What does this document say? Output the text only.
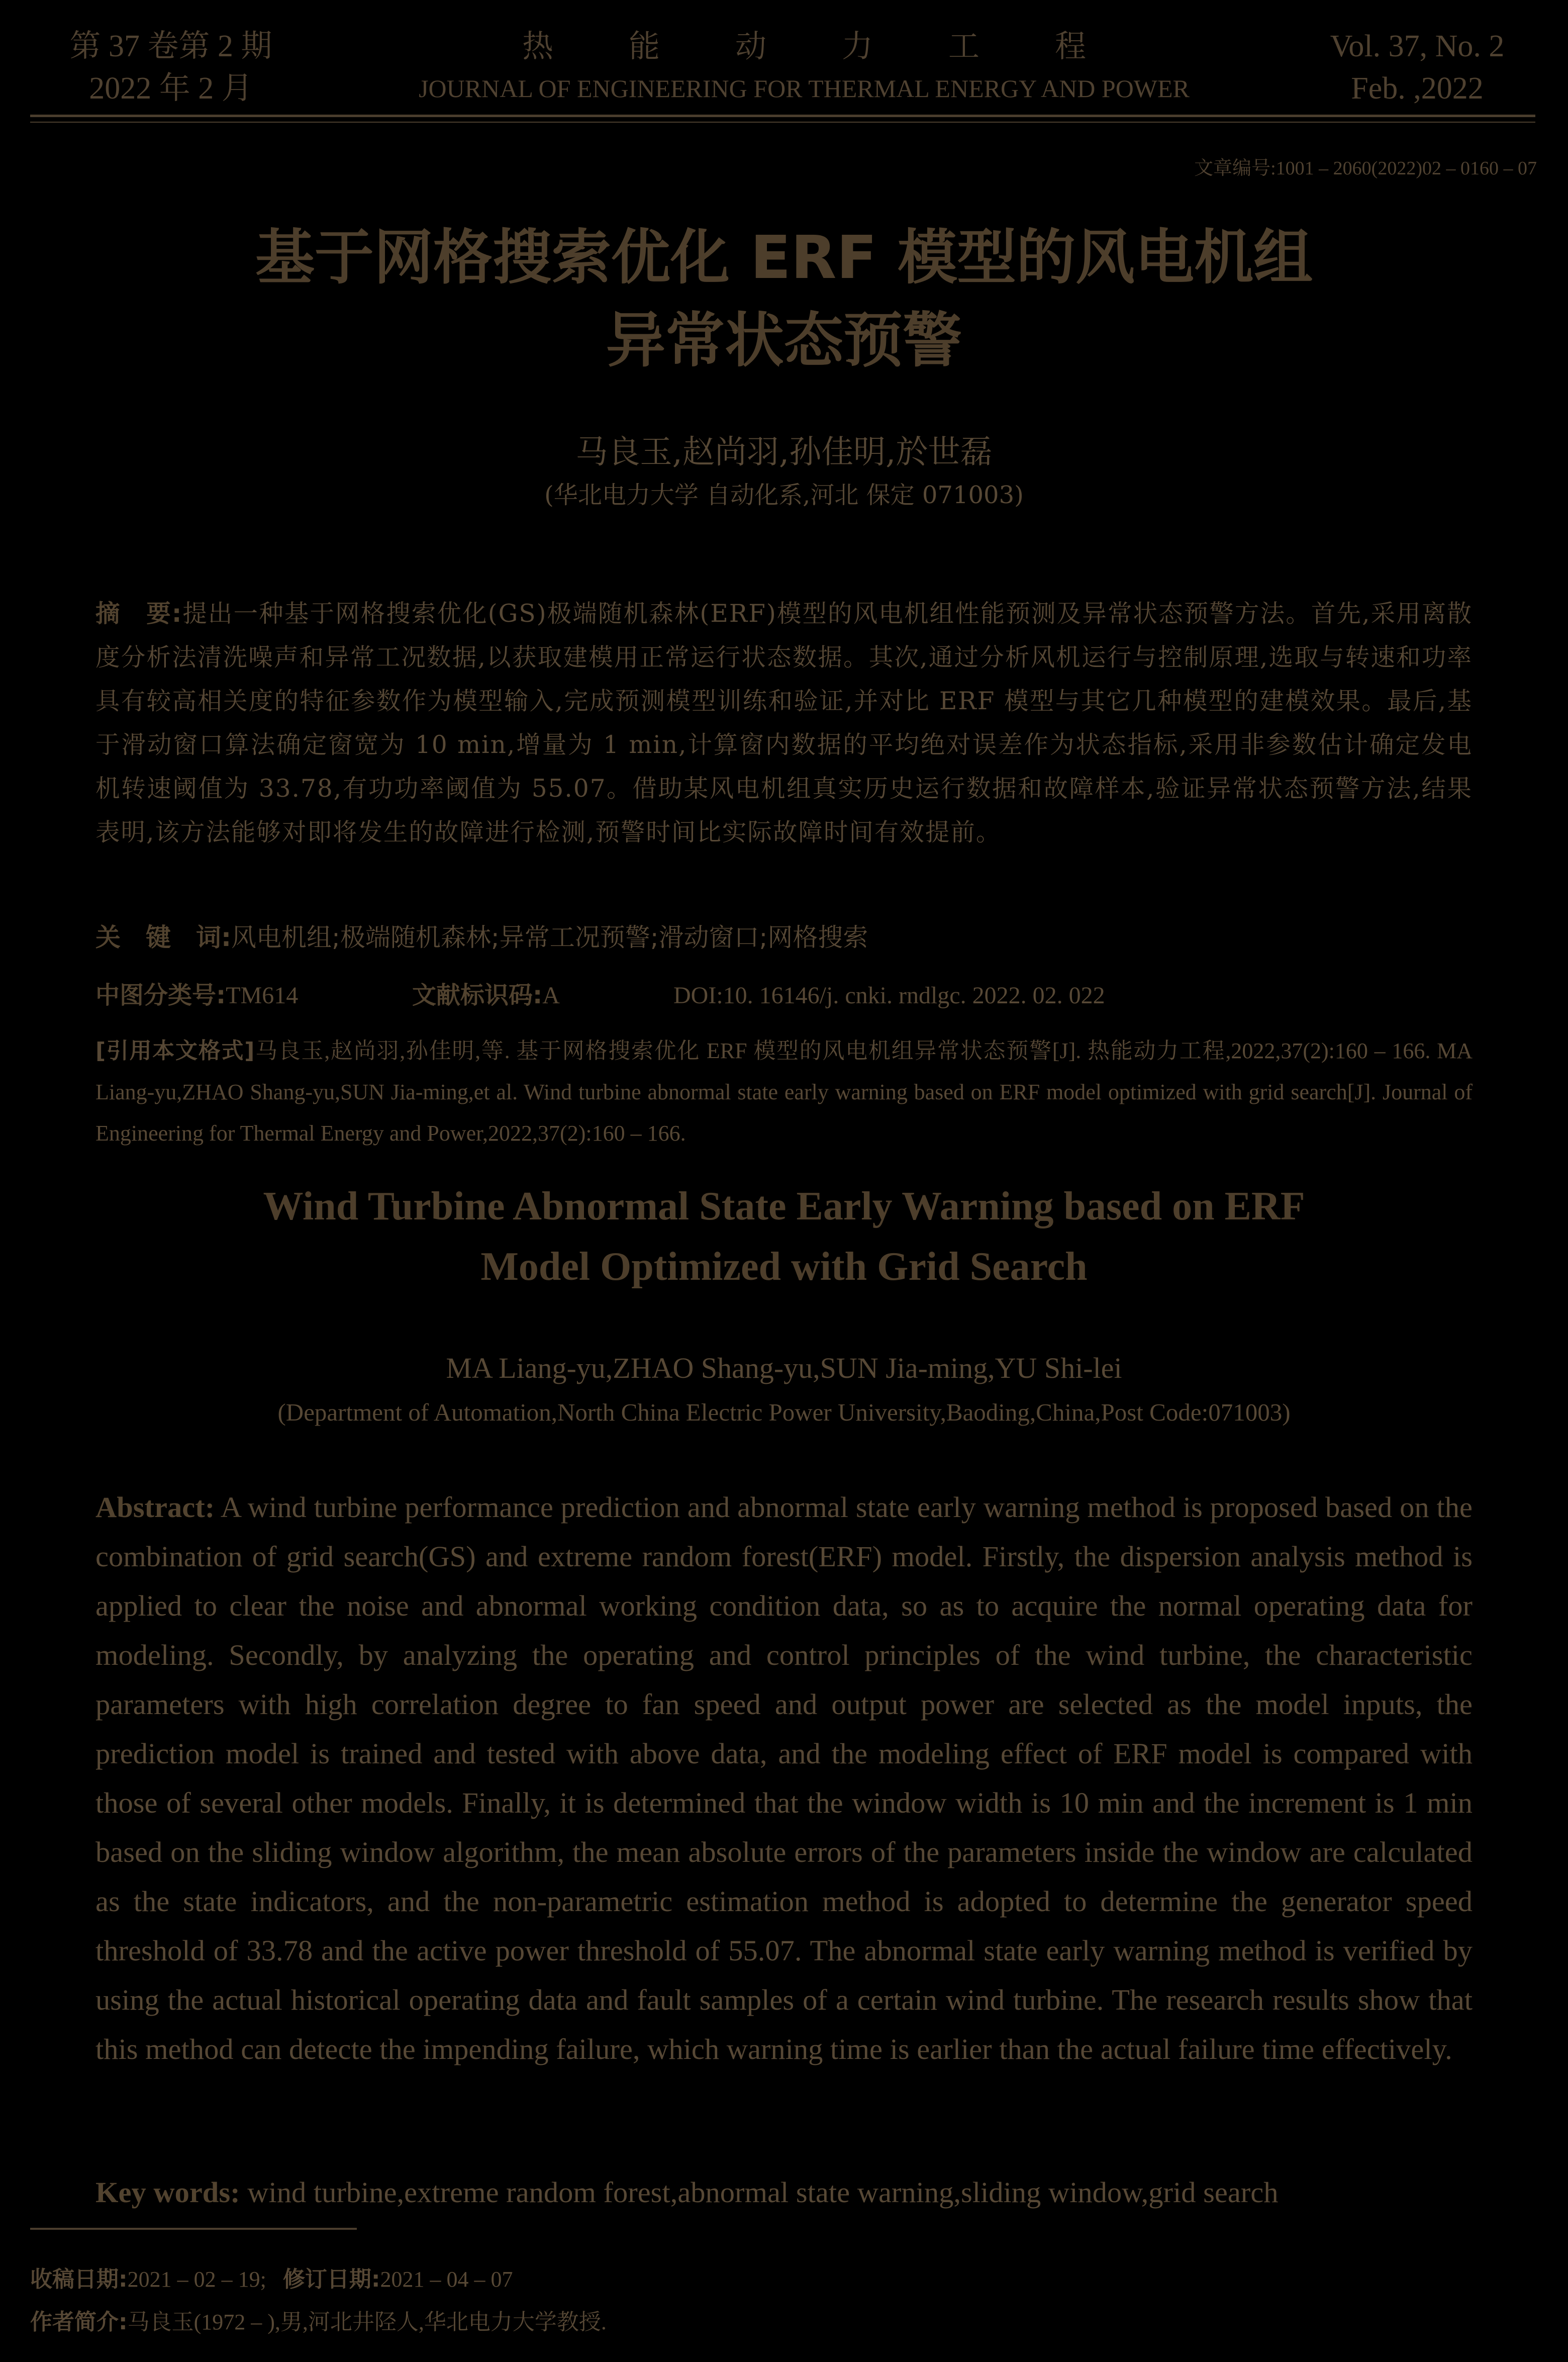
第 37 卷第 2 期
2022 年 2 月
热能动力工程
JOURNAL OF ENGINEERING FOR THERMAL ENERGY AND POWER
Vol. 37, No. 2
Feb. ,2022
文章编号:1001 – 2060(2022)02 – 0160 – 07
基于网格搜索优化 ERF 模型的风电机组
异常状态预警
马良玉,赵尚羽,孙佳明,於世磊
(华北电力大学 自动化系,河北 保定 071003)
摘　要:提出一种基于网格搜索优化(GS)极端随机森林(ERF)模型的风电机组性能预测及异常状态预警方法。首先,采用离散度分析法清洗噪声和异常工况数据,以获取建模用正常运行状态数据。其次,通过分析风机运行与控制原理,选取与转速和功率具有较高相关度的特征参数作为模型输入,完成预测模型训练和验证,并对比 ERF 模型与其它几种模型的建模效果。最后,基于滑动窗口算法确定窗宽为 10 min,增量为 1 min,计算窗内数据的平均绝对误差作为状态指标,采用非参数估计确定发电机转速阈值为 33.78,有功功率阈值为 55.07。借助某风电机组真实历史运行数据和故障样本,验证异常状态预警方法,结果表明,该方法能够对即将发生的故障进行检测,预警时间比实际故障时间有效提前。
关　键　词:风电机组;极端随机森林;异常工况预警;滑动窗口;网格搜索
中图分类号:TM614	文献标识码:A	DOI:10. 16146/j. cnki. rndlgc. 2022. 02. 022
[引用本文格式]马良玉,赵尚羽,孙佳明,等. 基于网格搜索优化 ERF 模型的风电机组异常状态预警[J]. 热能动力工程,2022,37(2):160 – 166. MA Liang-yu,ZHAO Shang-yu,SUN Jia-ming,et al. Wind turbine abnormal state early warning based on ERF model optimized with grid search[J]. Journal of Engineering for Thermal Energy and Power,2022,37(2):160 – 166.
Wind Turbine Abnormal State Early Warning based on ERF
Model Optimized with Grid Search
MA Liang-yu,ZHAO Shang-yu,SUN Jia-ming,YU Shi-lei
(Department of Automation,North China Electric Power University,Baoding,China,Post Code:071003)
Abstract: A wind turbine performance prediction and abnormal state early warning method is proposed based on the combination of grid search(GS) and extreme random forest(ERF) model. Firstly, the dispersion analysis method is applied to clear the noise and abnormal working condition data, so as to acquire the normal operating data for modeling. Secondly, by analyzing the operating and control principles of the wind turbine, the characteristic parameters with high correlation degree to fan speed and output power are selected as the model inputs, the prediction model is trained and tested with above data, and the modeling effect of ERF model is compared with those of several other models. Finally, it is determined that the window width is 10 min and the increment is 1 min based on the sliding window algorithm, the mean absolute errors of the parameters inside the window are calculated as the state indicators, and the non-parametric estimation method is adopted to determine the generator speed threshold of 33.78 and the active power threshold of 55.07. The abnormal state early warning method is verified by using the actual historical operating data and fault samples of a certain wind turbine. The research results show that this method can detecte the impending failure, which warning time is earlier than the actual failure time effectively.
Key words: wind turbine,extreme random forest,abnormal state warning,sliding window,grid search
收稿日期:2021 – 02 – 19; 修订日期:2021 – 04 – 07
作者简介:马良玉(1972 – ),男,河北井陉人,华北电力大学教授.
